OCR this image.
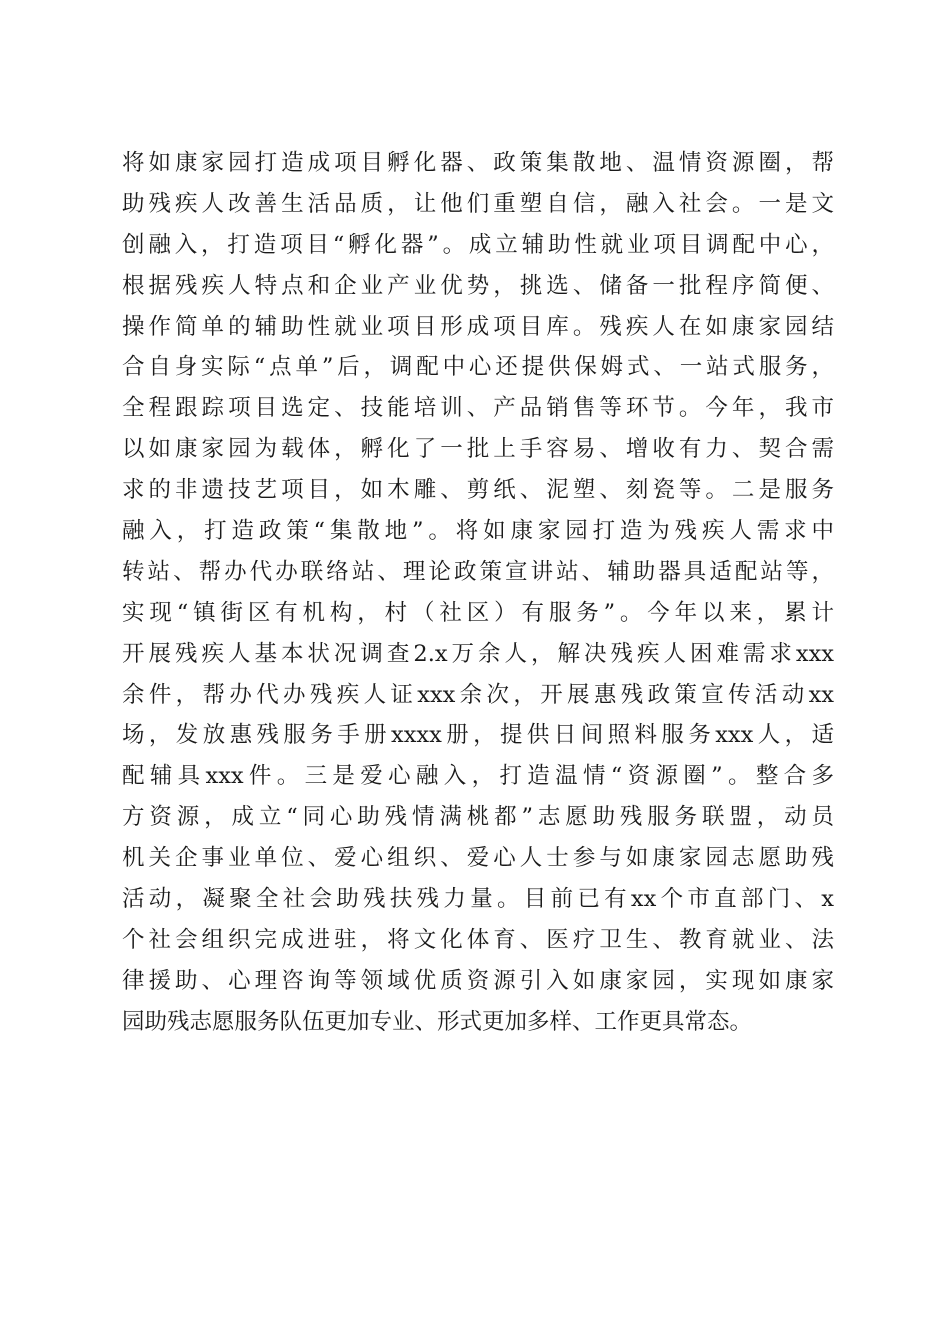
将如康家园打造成项目孵化器、政策集散地、温情资源圈，帮
助残疾人改善生活品质，让他们重塑自信，融入社会。一是文
创融入，打造项目“孵化器”。成立辅助性就业项目调配中心，
根据残疾人特点和企业产业优势，挑选、储备一批程序简便、
操作简单的辅助性就业项目形成项目库。残疾人在如康家园结
合自身实际“点单”后，调配中心还提供保姆式、一站式服务，
全程跟踪项目选定、技能培训、产品销售等环节。今年，我市
以如康家园为载体，孵化了一批上手容易、增收有力、契合需
求的非遗技艺项目，如木雕、剪纸、泥塑、刻瓷等。二是服务
融入，打造政策“集散地”。将如康家园打造为残疾人需求中
转站、帮办代办联络站、理论政策宣讲站、辅助器具适配站等，
实现“镇街区有机构，村（社区）有服务”。今年以来，累计
开展残疾人基本状况调查2.x万余人，解决残疾人困难需求xxx
余件，帮办代办残疾人证xxx余次，开展惠残政策宣传活动xx
场，发放惠残服务手册xxxx册，提供日间照料服务xxx人，适
配辅具xxx件。三是爱心融入，打造温情“资源圈”。整合多
方资源，成立“同心助残情满桃都”志愿助残服务联盟，动员
机关企事业单位、爱心组织、爱心人士参与如康家园志愿助残
活动，凝聚全社会助残扶残力量。目前已有xx个市直部门、x
个社会组织完成进驻，将文化体育、医疗卫生、教育就业、法
律援助、心理咨询等领域优质资源引入如康家园，实现如康家
园助残志愿服务队伍更加专业、形式更加多样、工作更具常态。
